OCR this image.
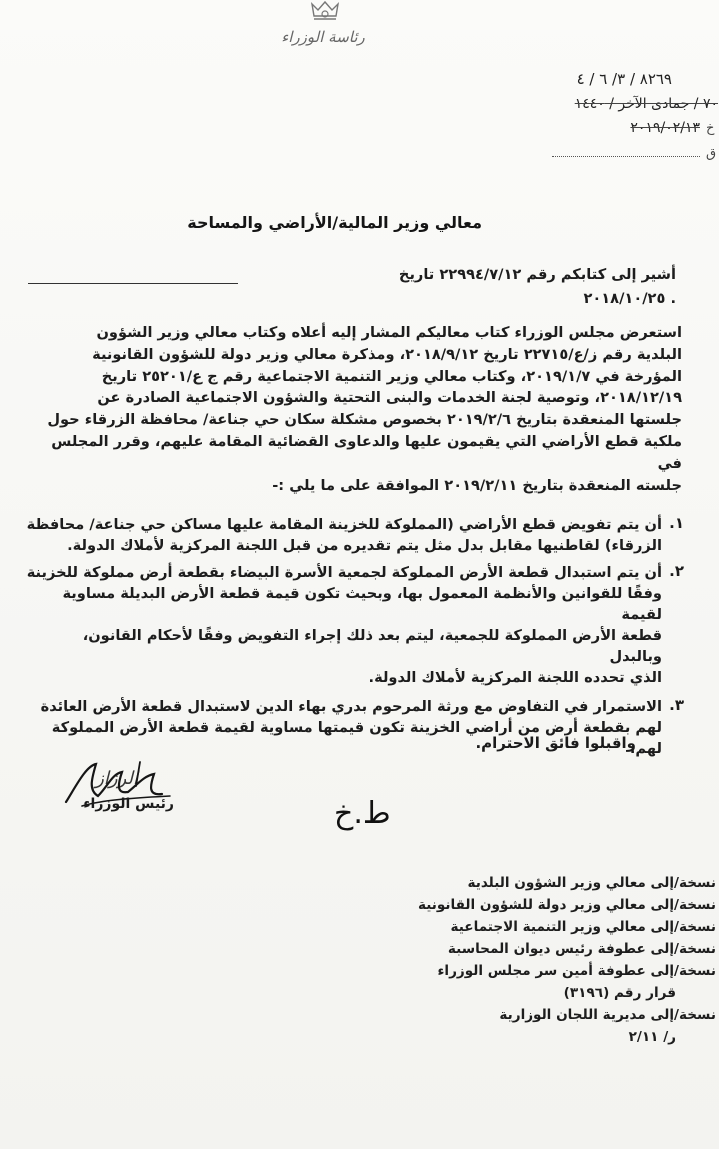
رئاسة الوزراء
٨٢٦٩ / ٣/ ٦ / ٤
٧٠ / جمادى الآخر / ١٤٤٠
٢٠١٩/٠٢/١٣ خ
ق
معالي وزير المالية/الأراضي والمساحة
أشير إلى كتابكم رقم ٢٢٩٩٤/٧/١٢ تاريخ
٢٠١٨/١٠/٢٥ .
استعرض مجلس الوزراء كتاب معاليكم المشار إليه أعلاه وكتاب معالي وزير الشؤون
البلدية رقم ز/ع/٢٢٧١٥ تاريخ ٢٠١٨/٩/١٢، ومذكرة معالي وزير دولة للشؤون القانونية
المؤرخة في ٢٠١٩/١/٧، وكتاب معالي وزير التنمية الاجتماعية رقم ج ع/٢٥٢٠١ تاريخ
٢٠١٨/١٢/١٩، وتوصية لجنة الخدمات والبنى التحتية والشؤون الاجتماعية الصادرة عن
جلستها المنعقدة بتاريخ ٢٠١٩/٢/٦ بخصوص مشكلة سكان حي جناعة/ محافظة الزرقاء حول
ملكية قطع الأراضي التي يقيمون عليها والدعاوى القضائية المقامة عليهم، وقرر المجلس في
جلسته المنعقدة بتاريخ ٢٠١٩/٢/١١ الموافقة على ما يلي :-
١.
أن يتم تفويض قطع الأراضي (المملوكة للخزينة المقامة عليها مساكن حي جناعة/ محافظة
الزرقاء) لقاطنيها مقابل بدل مثل يتم تقديره من قبل اللجنة المركزية لأملاك الدولة.
٢.
أن يتم استبدال قطعة الأرض المملوكة لجمعية الأسرة البيضاء بقطعة أرض مملوكة للخزينة
وفقًا للقوانين والأنظمة المعمول بها، وبحيث تكون قيمة قطعة الأرض البديلة مساوية لقيمة
قطعة الأرض المملوكة للجمعية، ليتم بعد ذلك إجراء التفويض وفقًا لأحكام القانون، وبالبدل
الذي تحدده اللجنة المركزية لأملاك الدولة.
٣.
الاستمرار في التفاوض مع ورثة المرحوم بدري بهاء الدين لاستبدال قطعة الأرض العائدة
لهم بقطعة أرض من أراضي الخزينة تكون قيمتها مساوية لقيمة قطعة الأرض المملوكة لهم.
واقبلوا فائق الاحترام.
الرزاز
رئيس الوزراء	ط.خ
نسخة/إلى معالي وزير الشؤون البلدية
نسخة/إلى معالي وزير دولة للشؤون القانونية
نسخة/إلى معالي وزير التنمية الاجتماعية
نسخة/إلى عطوفة رئيس ديوان المحاسبة
نسخة/إلى عطوفة أمين سر مجلس الوزراء
قرار رقم (٣١٩٦)
نسخة/إلى مديرية اللجان الوزارية
ر/ ٢/١١
